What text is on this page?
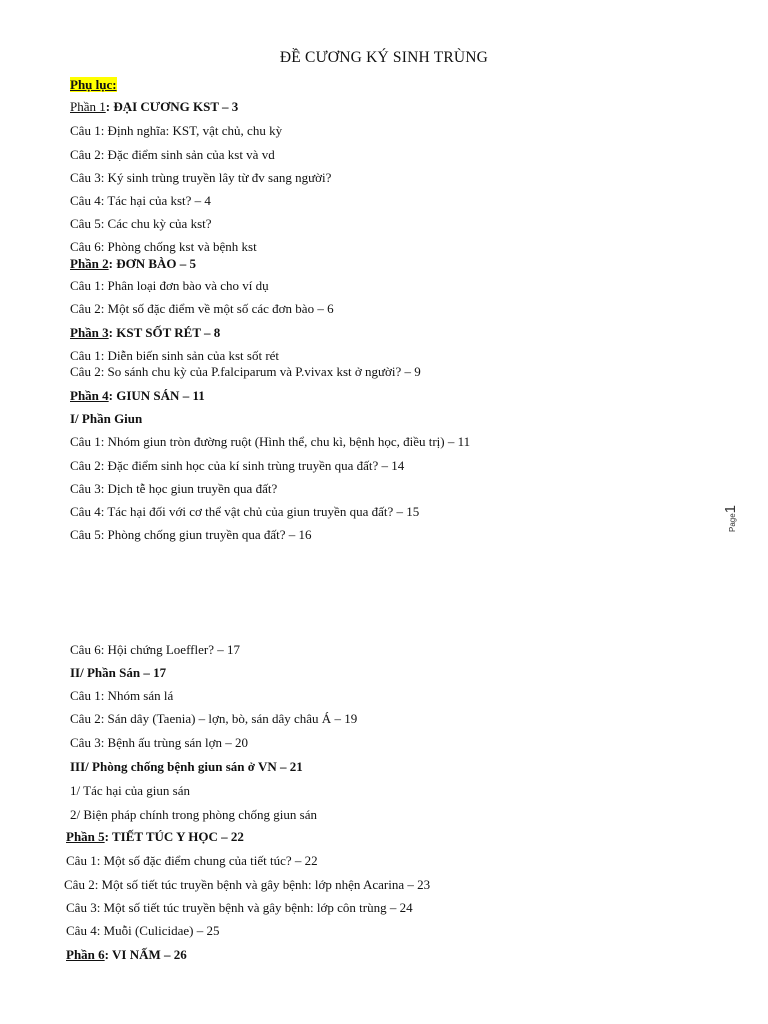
ĐỀ CƯƠNG KÝ SINH TRÙNG
Phụ lục:
Phần 1: ĐẠI CƯƠNG KST – 3
Câu 1: Định nghĩa: KST, vật chủ, chu kỳ
Câu 2: Đặc điểm sinh sản của kst và vd
Câu 3: Ký sinh trùng truyền lây từ đv sang người?
Câu 4: Tác hại của kst? – 4
Câu 5: Các chu kỳ của kst?
Câu 6: Phòng chống kst và bệnh kst
Phần 2: ĐƠN BÀO – 5
Câu 1: Phân loại đơn bào và cho ví dụ
Câu 2: Một số đặc điểm về một số các đơn bào – 6
Phần 3: KST SỐT RÉT – 8
Câu 1: Diễn biến sinh sản của kst sốt rét
Câu 2: So sánh chu kỳ của P.falciparum và P.vivax kst ở người? – 9
Phần 4: GIUN SÁN – 11
I/ Phần Giun
Câu 1: Nhóm giun tròn đường ruột (Hình thể, chu kì, bệnh học, điều trị) – 11
Câu 2: Đặc điểm sinh học của kí sinh trùng truyền qua đất? – 14
Câu 3: Dịch tễ học giun truyền qua đất?
Câu 4: Tác hại đối với cơ thể vật chủ của giun truyền qua đất? – 15
Câu 5: Phòng chống giun truyền qua đất? – 16
Câu 6: Hội chứng Loeffler? – 17
II/ Phần Sán – 17
Câu 1: Nhóm sán lá
Câu 2: Sán dây (Taenia) – lợn, bò, sán dây châu Á – 19
Câu 3: Bệnh ấu trùng sán lợn – 20
III/ Phòng chống bệnh giun sán ở VN – 21
1/ Tác hại của giun sán
2/ Biện pháp chính trong phòng chống giun sán
Phần 5: TIẾT TÚC Y HỌC – 22
Câu 1: Một số đặc điểm chung của tiết túc? – 22
Câu 2: Một số tiết túc truyền bệnh và gây bệnh: lớp nhện Acarina – 23
Câu 3: Một số tiết túc truyền bệnh và gây bệnh: lớp côn trùng – 24
Câu 4: Muỗi (Culicidae) – 25
Phần 6: VI NẤM – 26
Page1
